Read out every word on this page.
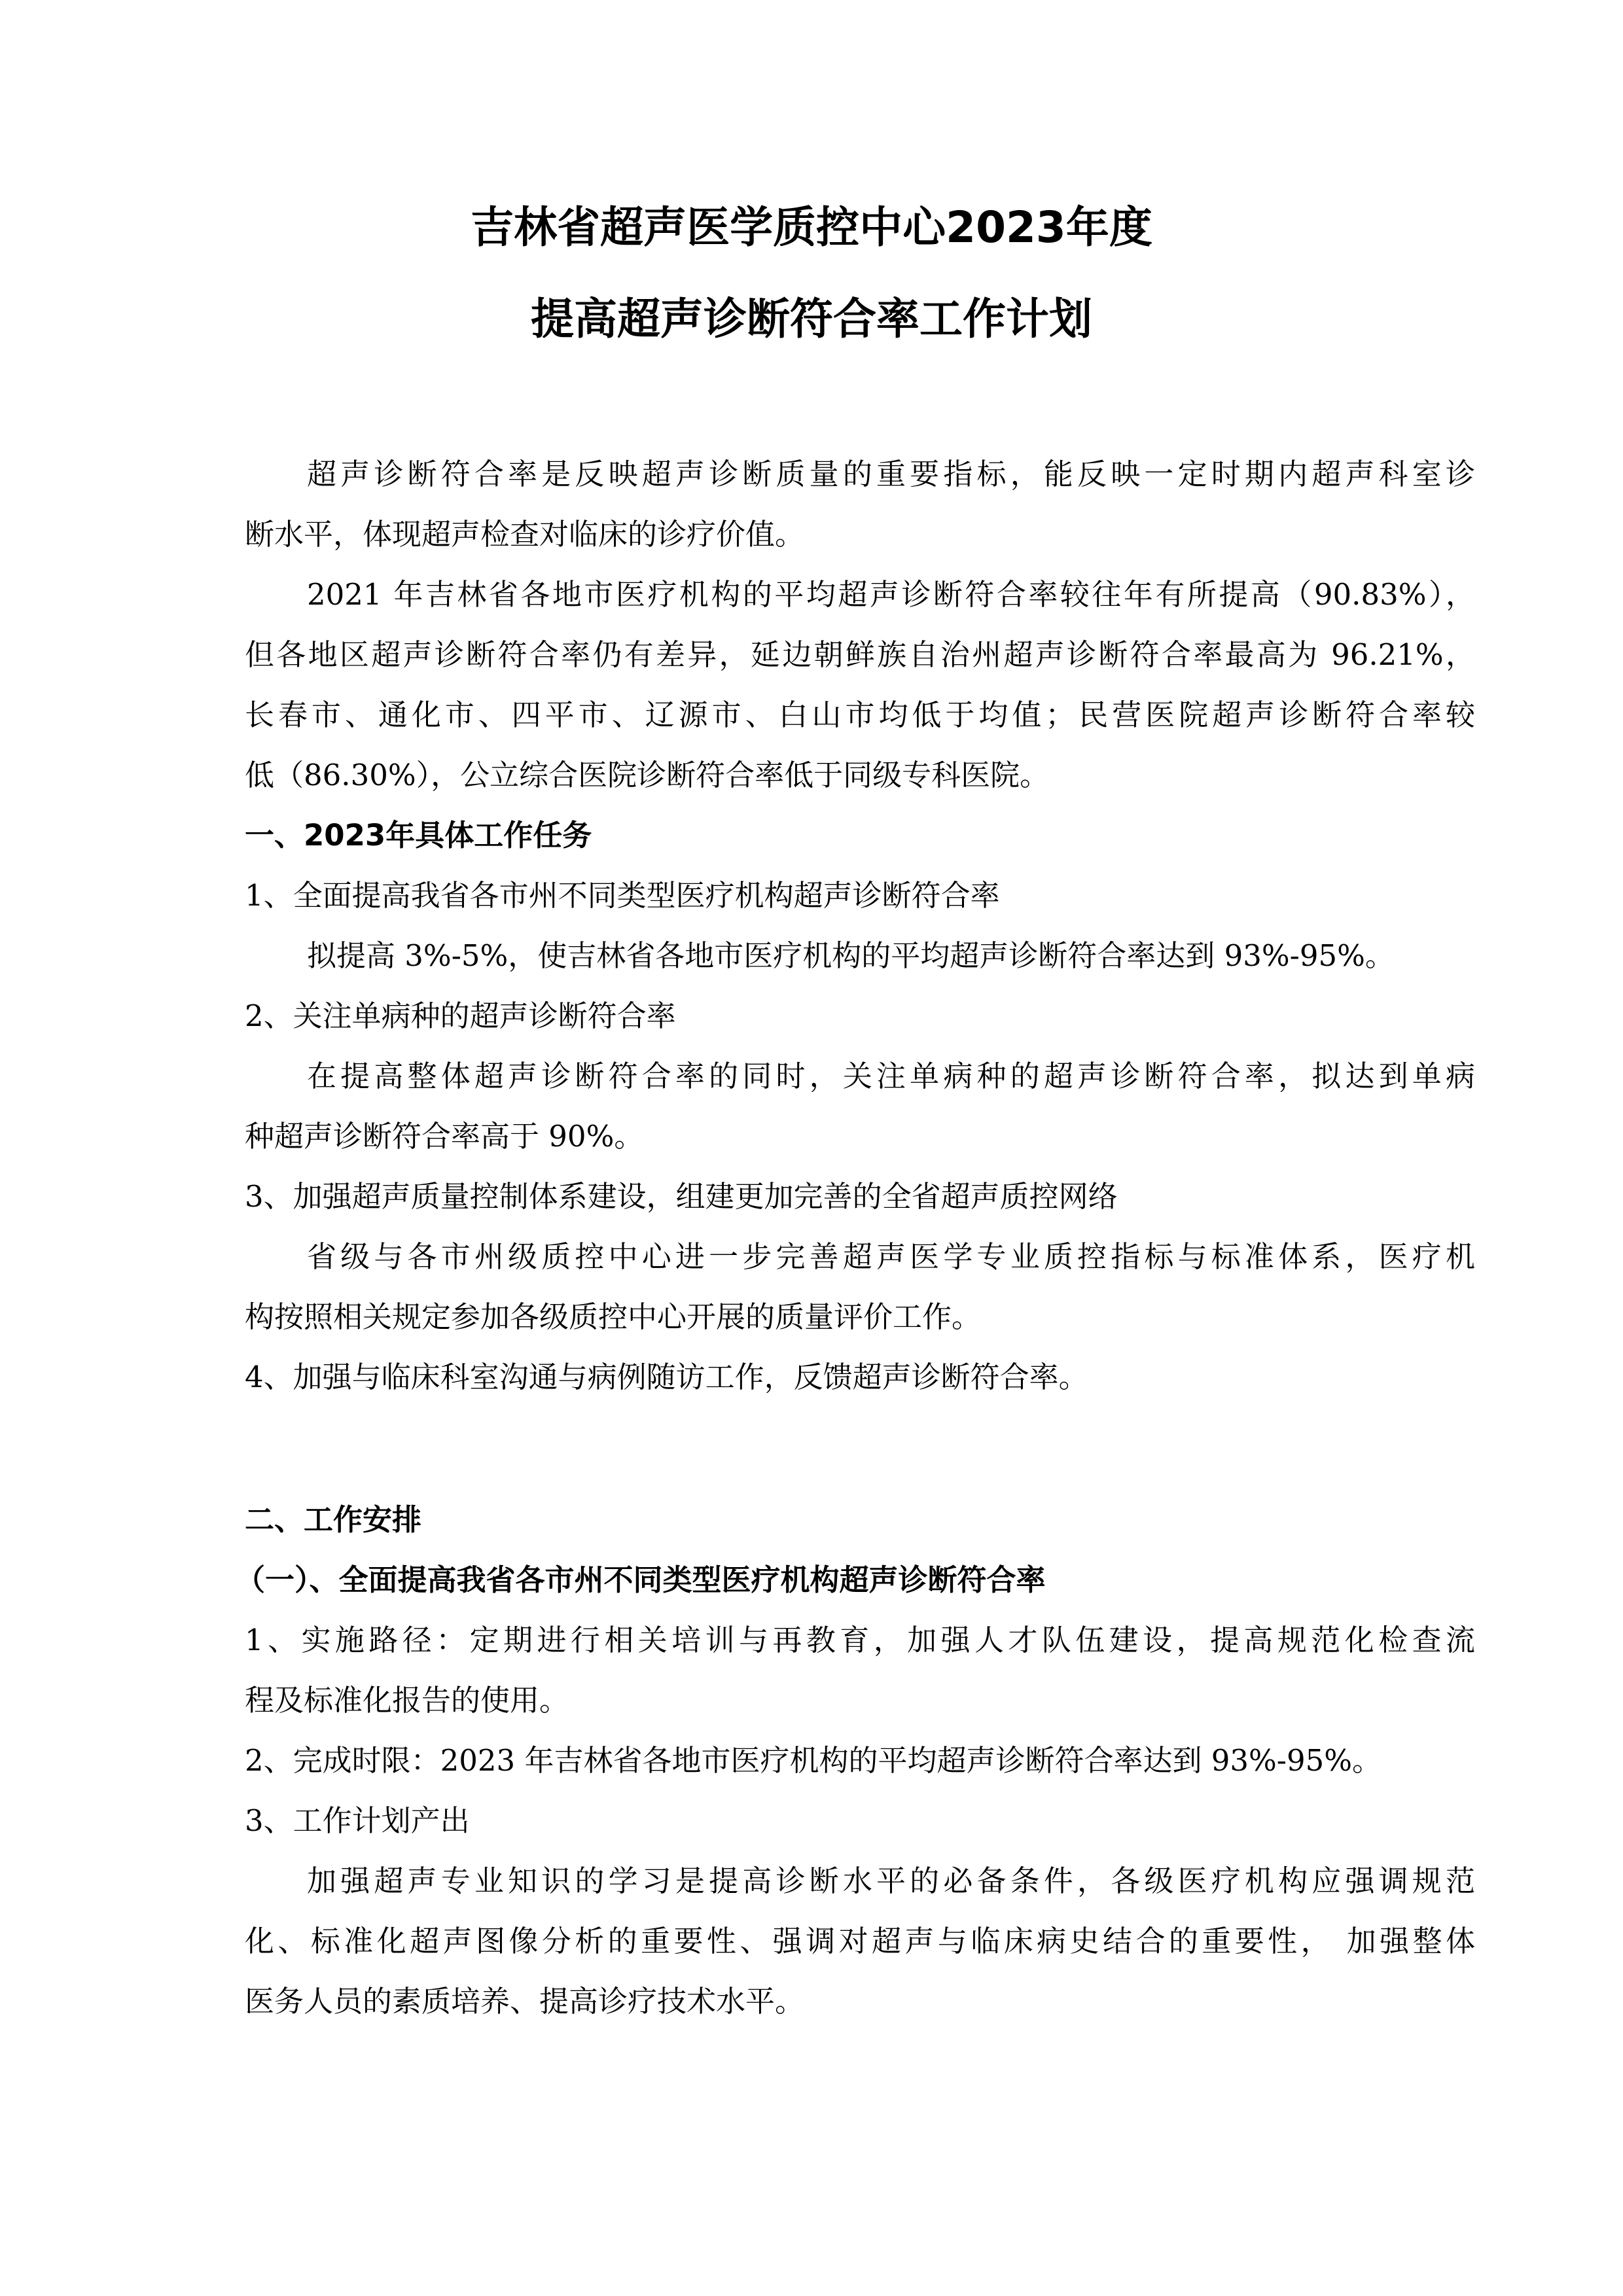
吉林省超声医学质控中心2023年度
提高超声诊断符合率工作计划

超声诊断符合率是反映超声诊断质量的重要指标，能反映一定时期内超声科室诊

断水平，体现超声检查对临床的诊疗价值。

2021 年吉林省各地市医疗机构的平均超声诊断符合率较往年有所提高（90.83%），

但各地区超声诊断符合率仍有差异，延边朝鲜族自治州超声诊断符合率最高为 96.21%，

长春市、通化市、四平市、辽源市、白山市均低于均值；民营医院超声诊断符合率较

低（86.30%），公立综合医院诊断符合率低于同级专科医院。

一、2023年具体工作任务

1、全面提高我省各市州不同类型医疗机构超声诊断符合率

拟提高 3%-5%，使吉林省各地市医疗机构的平均超声诊断符合率达到 93%-95%。

2、关注单病种的超声诊断符合率

在提高整体超声诊断符合率的同时，关注单病种的超声诊断符合率，拟达到单病

种超声诊断符合率高于 90%。

3、加强超声质量控制体系建设，组建更加完善的全省超声质控网络

省级与各市州级质控中心进一步完善超声医学专业质控指标与标准体系，医疗机

构按照相关规定参加各级质控中心开展的质量评价工作。

4、加强与临床科室沟通与病例随访工作，反馈超声诊断符合率。

二、工作安排

（一）、全面提高我省各市州不同类型医疗机构超声诊断符合率

1、实施路径：定期进行相关培训与再教育，加强人才队伍建设，提高规范化检查流

程及标准化报告的使用。

2、完成时限：2023 年吉林省各地市医疗机构的平均超声诊断符合率达到 93%-95%。

3、工作计划产出

加强超声专业知识的学习是提高诊断水平的必备条件，各级医疗机构应强调规范

化、标准化超声图像分析的重要性、强调对超声与临床病史结合的重要性， 加强整体

医务人员的素质培养、提高诊疗技术水平。
